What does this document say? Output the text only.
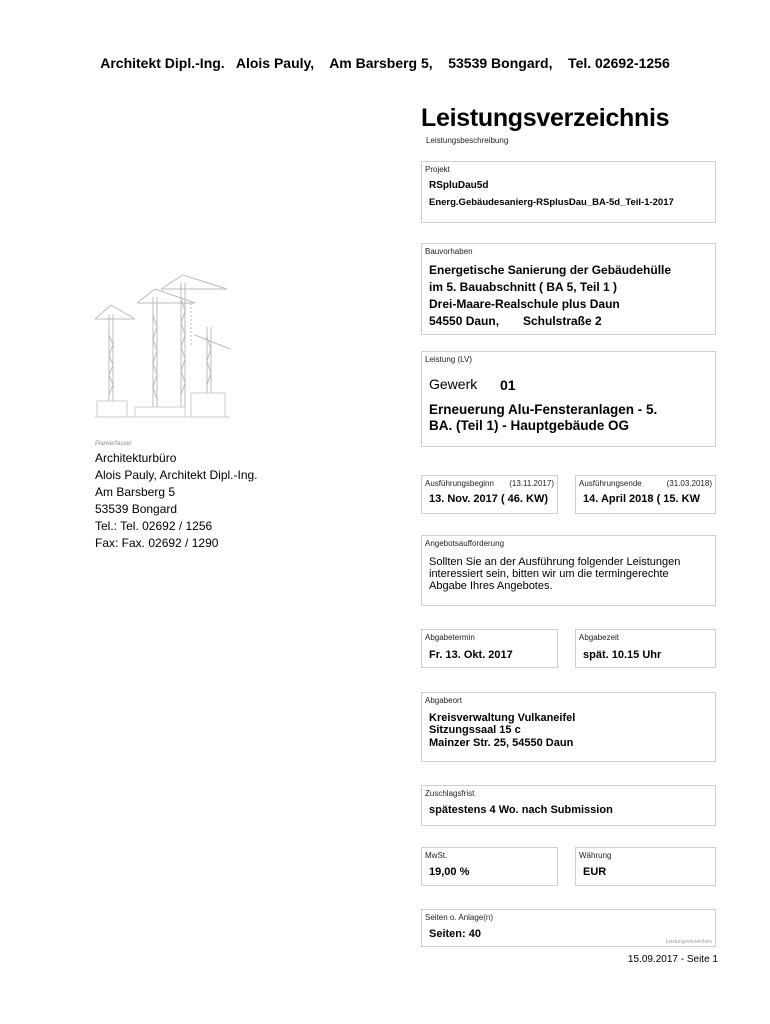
Architekt Dipl.-Ing.   Alois Pauly,    Am Barsberg 5,    53539 Bongard,    Tel. 02692-1256
Leistungsverzeichnis
Leistungsbeschreibung
Projekt
RSpluDau5d
Energ.Gebäudesanierg-RSplusDau_BA-5d_Teil-1-2017
Bauvorhaben
Energetische Sanierung der Gebäudehülle
im 5. Bauabschnitt ( BA 5, Teil 1 )
Drei-Maare-Realschule plus Daun
54550 Daun, Schulstraße 2
Leistung (LV)
Gewerk 01
Erneuerung Alu-Fensteranlagen - 5.
BA. (Teil 1) - Hauptgebäude OG
Planverfasser
Architekturbüro
Alois Pauly, Architekt Dipl.-Ing.
Am Barsberg 5
53539 Bongard
Tel.: Tel. 02692 / 1256
Fax: Fax. 02692 / 1290
Ausführungsbeginn (13.11.2017)
13. Nov. 2017 ( 46. KW)
Ausführungsende	(31.03.2018)
14. April 2018 ( 15. KW
Angebotsaufforderung
Sollten Sie an der Ausführung folgender Leistungen
interessiert sein, bitten wir um die termingerechte
Abgabe Ihres Angebotes.
Abgabetermin
Fr. 13. Okt. 2017
Abgabezeit
spät. 10.15 Uhr
Abgabeort
Kreisverwaltung Vulkaneifel
Sitzungssaal 15 c
Mainzer Str. 25, 54550 Daun
Zuschlagsfrist
spätestens 4 Wo. nach Submission
MwSt.
19,00 %
Währung
EUR
Seiten o. Anlage(n)
Seiten: 40
Leistungsverzeichnis
15.09.2017 - Seite 1
